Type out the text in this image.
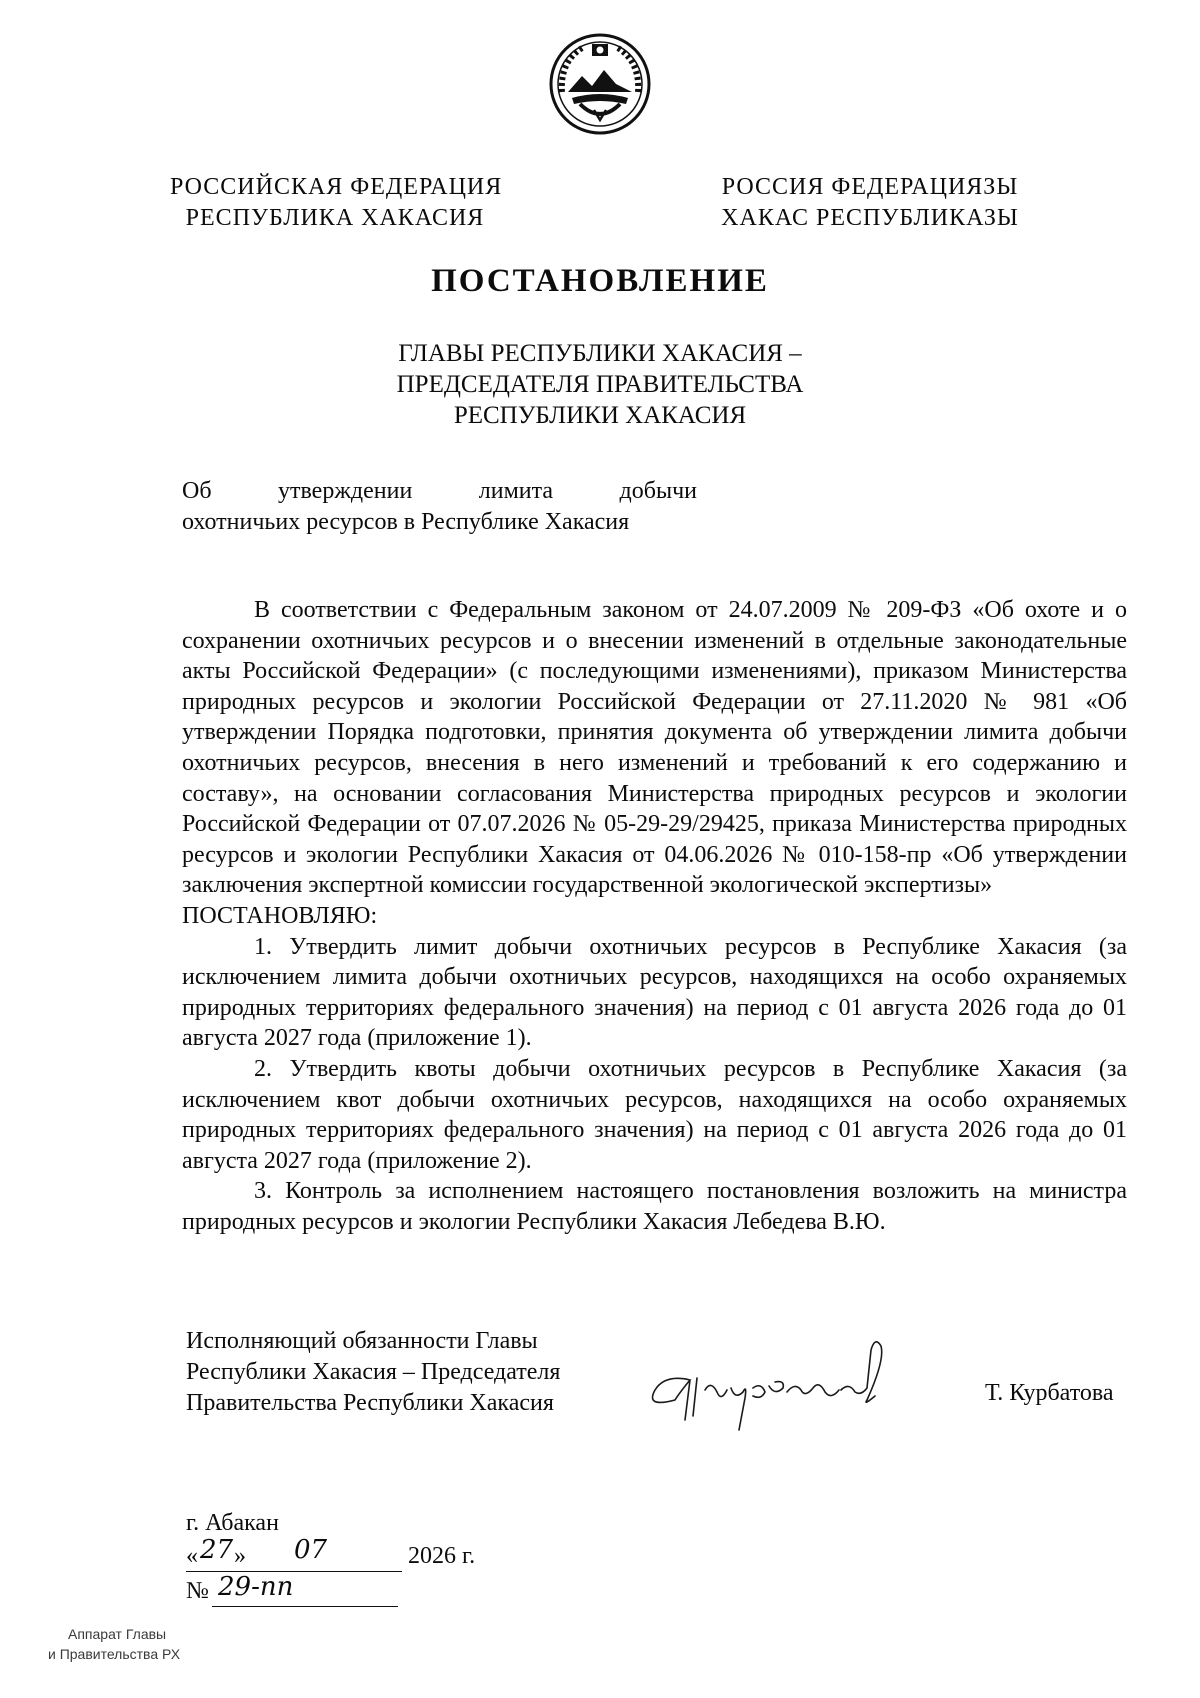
РОССИЙСКАЯ ФЕДЕРАЦИЯ
РЕСПУБЛИКА ХАКАСИЯ
РОССИЯ ФЕДЕРАЦИЯЗЫ
ХАКАС РЕСПУБЛИКАЗЫ
ПОСТАНОВЛЕНИЕ
ГЛАВЫ РЕСПУБЛИКИ ХАКАСИЯ –
ПРЕДСЕДАТЕЛЯ ПРАВИТЕЛЬСТВА
РЕСПУБЛИКИ ХАКАСИЯ
Об утверждении лимита добычи
охотничьих ресурсов в Республике Хакасия

В соответствии с Федеральным законом от 24.07.2009 № 209-ФЗ «Об охоте и о сохранении охотничьих ресурсов и о внесении изменений в отдельные законодательные акты Российской Федерации» (с последующими изменениями), приказом Министерства природных ресурсов и экологии Российской Федерации от 27.11.2020 № 981 «Об утверждении Порядка подготовки, принятия документа об утверждении лимита добычи охотничьих ресурсов, внесения в него изменений и требований к его содержанию и составу», на основании согласования Министерства природных ресурсов и экологии Российской Федерации от 07.07.2026 № 05-29-29/29425, приказа Министерства природных ресурсов и экологии Республики Хакасия от 04.06.2026 № 010-158-пр «Об утверждении заключения экспертной комиссии государственной экологической экспертизы»

ПОСТАНОВЛЯЮ:

1. Утвердить лимит добычи охотничьих ресурсов в Республике Хакасия (за исключением лимита добычи охотничьих ресурсов, находящихся на особо охраняемых природных территориях федерального значения) на период с 01 августа 2026 года до 01 августа 2027 года (приложение 1).

2. Утвердить квоты добычи охотничьих ресурсов в Республике Хакасия (за исключением квот добычи охотничьих ресурсов, находящихся на особо охраняемых природных территориях федерального значения) на период с 01 августа 2026 года до 01 августа 2027 года (приложение 2).

3. Контроль за исполнением настоящего постановления возложить на министра природных ресурсов и экологии Республики Хакасия Лебедева В.Ю.

Исполняющий обязанности Главы
Республики Хакасия – Председателя
Правительства Республики Хакасия	Т. Курбатова
г. Абакан
« 27 » 07	2026 г.
№ 29-пп
Аппарат Главы
и Правительства РХ
